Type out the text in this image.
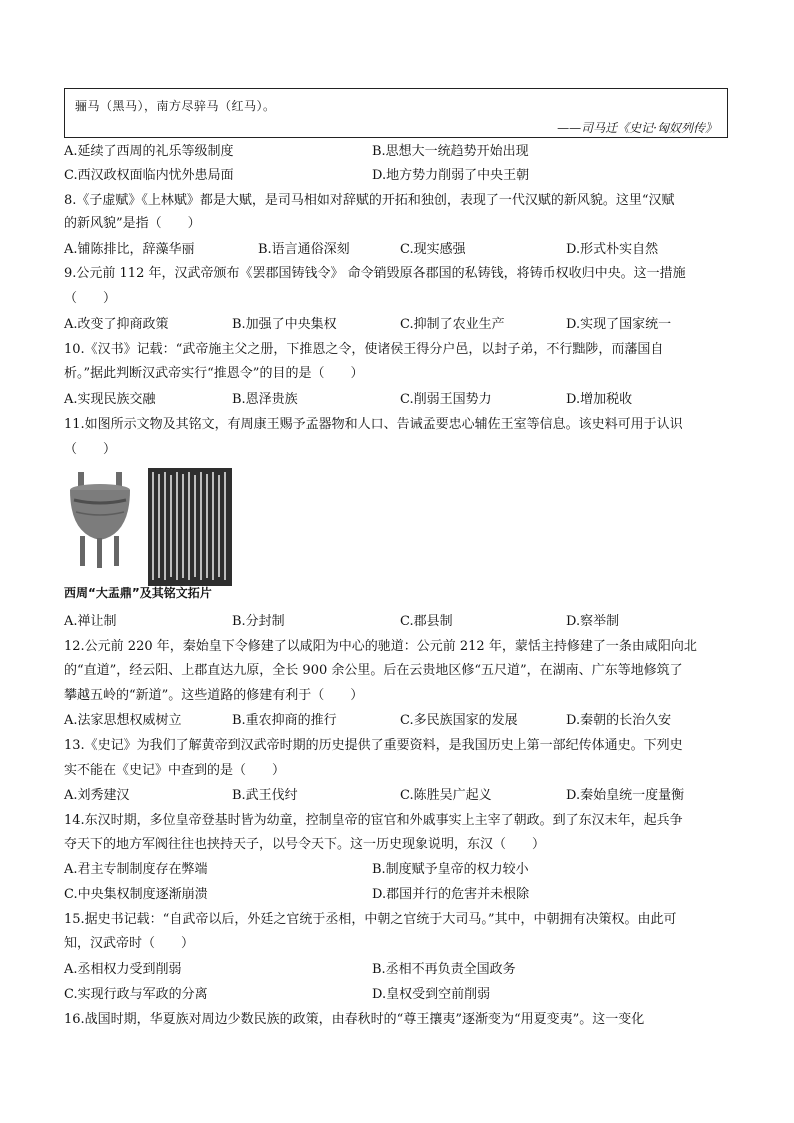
骊马（黑马），南方尽骍马（红马）。
——司马迁《史记·匈奴列传》
A.延续了西周的礼乐等级制度	B.思想大一统趋势开始出现
C.西汉政权面临内忧外患局面	D.地方势力削弱了中央王朝
8.《子虚赋》《上林赋》都是大赋，是司马相如对辞赋的开拓和独创，表现了一代汉赋的新风貌。这里“汉赋
的新风貌”是指（　　）
A.铺陈排比，辞藻华丽	B.语言通俗深刻	C.现实感强	D.形式朴实自然
9.公元前 112 年，汉武帝颁布《罢郡国铸钱令》 命令销毁原各郡国的私铸钱，将铸币权收归中央。这一措施
（　　）
A.改变了抑商政策	B.加强了中央集权	C.抑制了农业生产	D.实现了国家统一
10.《汉书》记载：“武帝施主父之册，下推恩之令，使诸侯王得分户邑，以封子弟，不行黜陟，而藩国自
析。”据此判断汉武帝实行“推恩令”的目的是（　　）
A.实现民族交融	B.恩泽贵族	C.削弱王国势力	D.增加税收
11.如图所示文物及其铭文，有周康王赐予孟器物和人口、告诫孟要忠心辅佐王室等信息。该史料可用于认识
（　　）
西周“大盂鼎”及其铭文拓片
A.禅让制	B.分封制	C.郡县制	D.察举制
12.公元前 220 年，秦始皇下令修建了以咸阳为中心的驰道：公元前 212 年，蒙恬主持修建了一条由咸阳向北
的“直道”，经云阳、上郡直达九原，全长 900 余公里。后在云贵地区修“五尺道”，在湖南、广东等地修筑了
攀越五岭的“新道”。这些道路的修建有利于（　　）
A.法家思想权威树立	B.重农抑商的推行	C.多民族国家的发展	D.秦朝的长治久安
13.《史记》为我们了解黄帝到汉武帝时期的历史提供了重要资料，是我国历史上第一部纪传体通史。下列史
实不能在《史记》中查到的是（　　）
A.刘秀建汉	B.武王伐纣	C.陈胜吴广起义	D.秦始皇统一度量衡
14.东汉时期，多位皇帝登基时皆为幼童，控制皇帝的宦官和外戚事实上主宰了朝政。到了东汉末年，起兵争
夺天下的地方军阀往往也挟持天子，以号令天下。这一历史现象说明，东汉（　　）
A.君主专制制度存在弊端	B.制度赋予皇帝的权力较小
C.中央集权制度逐渐崩溃	D.郡国并行的危害并未根除
15.据史书记载：“自武帝以后，外廷之官统于丞相，中朝之官统于大司马。”其中，中朝拥有决策权。由此可
知，汉武帝时（　　）
A.丞相权力受到削弱	B.丞相不再负责全国政务
C.实现行政与军政的分离	D.皇权受到空前削弱
16.战国时期，华夏族对周边少数民族的政策，由春秋时的“尊王攘夷”逐渐变为“用夏变夷”。这一变化
